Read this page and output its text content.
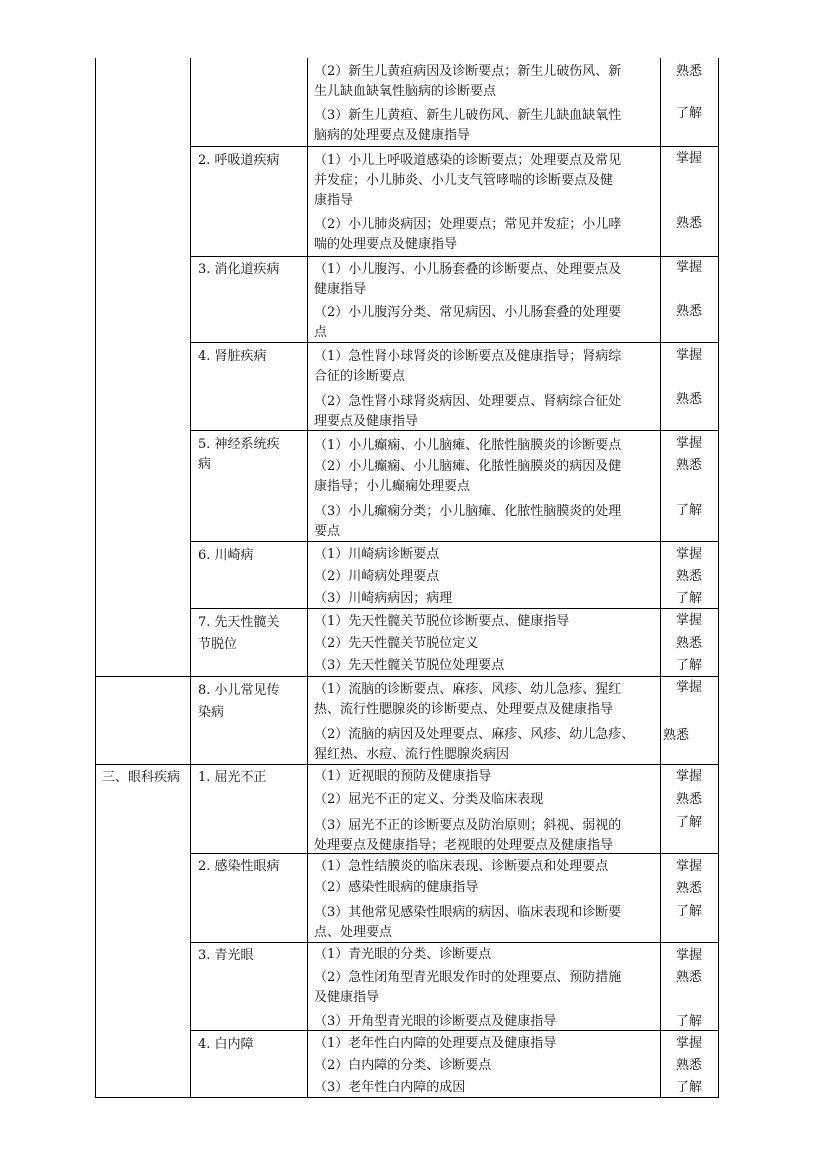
三、眼科疾病
2. 呼吸道疾病
3. 消化道疾病
4. 肾脏疾病
5. 神经系统疾
病
6. 川崎病
7. 先天性髋关
节脱位
8. 小儿常见传
染病
1. 屈光不正
2. 感染性眼病
3. 青光眼
4. 白内障
（2）新生儿黄疸病因及诊断要点；新生儿破伤风、新
生儿缺血缺氧性脑病的诊断要点
（3）新生儿黄疸、新生儿破伤风、新生儿缺血缺氧性
脑病的处理要点及健康指导
（1）小儿上呼吸道感染的诊断要点；处理要点及常见
并发症；小儿肺炎、小儿支气管哮喘的诊断要点及健
康指导
（2）小儿肺炎病因；处理要点；常见并发症；小儿哮
喘的处理要点及健康指导
（1）小儿腹泻、小儿肠套叠的诊断要点、处理要点及
健康指导
（2）小儿腹泻分类、常见病因、小儿肠套叠的处理要
点
（1）急性肾小球肾炎的诊断要点及健康指导；肾病综
合征的诊断要点
（2）急性肾小球肾炎病因、处理要点、肾病综合征处
理要点及健康指导
（1）小儿癫痫、小儿脑瘫、化脓性脑膜炎的诊断要点
（2）小儿癫痫、小儿脑瘫、化脓性脑膜炎的病因及健
康指导；小儿癫痫处理要点
（3）小儿癫痫分类；小儿脑瘫、化脓性脑膜炎的处理
要点
（1）川崎病诊断要点
（2）川崎病处理要点
（3）川崎病病因；病理
（1）先天性髋关节脱位诊断要点、健康指导
（2）先天性髋关节脱位定义
（3）先天性髋关节脱位处理要点
（1）流脑的诊断要点、麻疹、风疹、幼儿急疹、猩红
热、流行性腮腺炎的诊断要点、处理要点及健康指导
（2）流脑的病因及处理要点、麻疹、风疹、幼儿急疹、
猩红热、水痘、流行性腮腺炎病因
（1）近视眼的预防及健康指导
（2）屈光不正的定义、分类及临床表现
（3）屈光不正的诊断要点及防治原则；斜视、弱视的
处理要点及健康指导；老视眼的处理要点及健康指导
（1）急性结膜炎的临床表现、诊断要点和处理要点
（2）感染性眼病的健康指导
（3）其他常见感染性眼病的病因、临床表现和诊断要
点、处理要点
（1）青光眼的分类、诊断要点
（2）急性闭角型青光眼发作时的处理要点、预防措施
及健康指导
（3）开角型青光眼的诊断要点及健康指导
（1）老年性白内障的处理要点及健康指导
（2）白内障的分类、诊断要点
（3）老年性白内障的成因
熟悉
了解
掌握
熟悉
掌握
熟悉
掌握
熟悉
掌握
熟悉
了解
掌握
熟悉
了解
掌握
熟悉
了解
掌握
熟悉
掌握
熟悉
了解
掌握
熟悉
了解
掌握
熟悉
了解
掌握
熟悉
了解
